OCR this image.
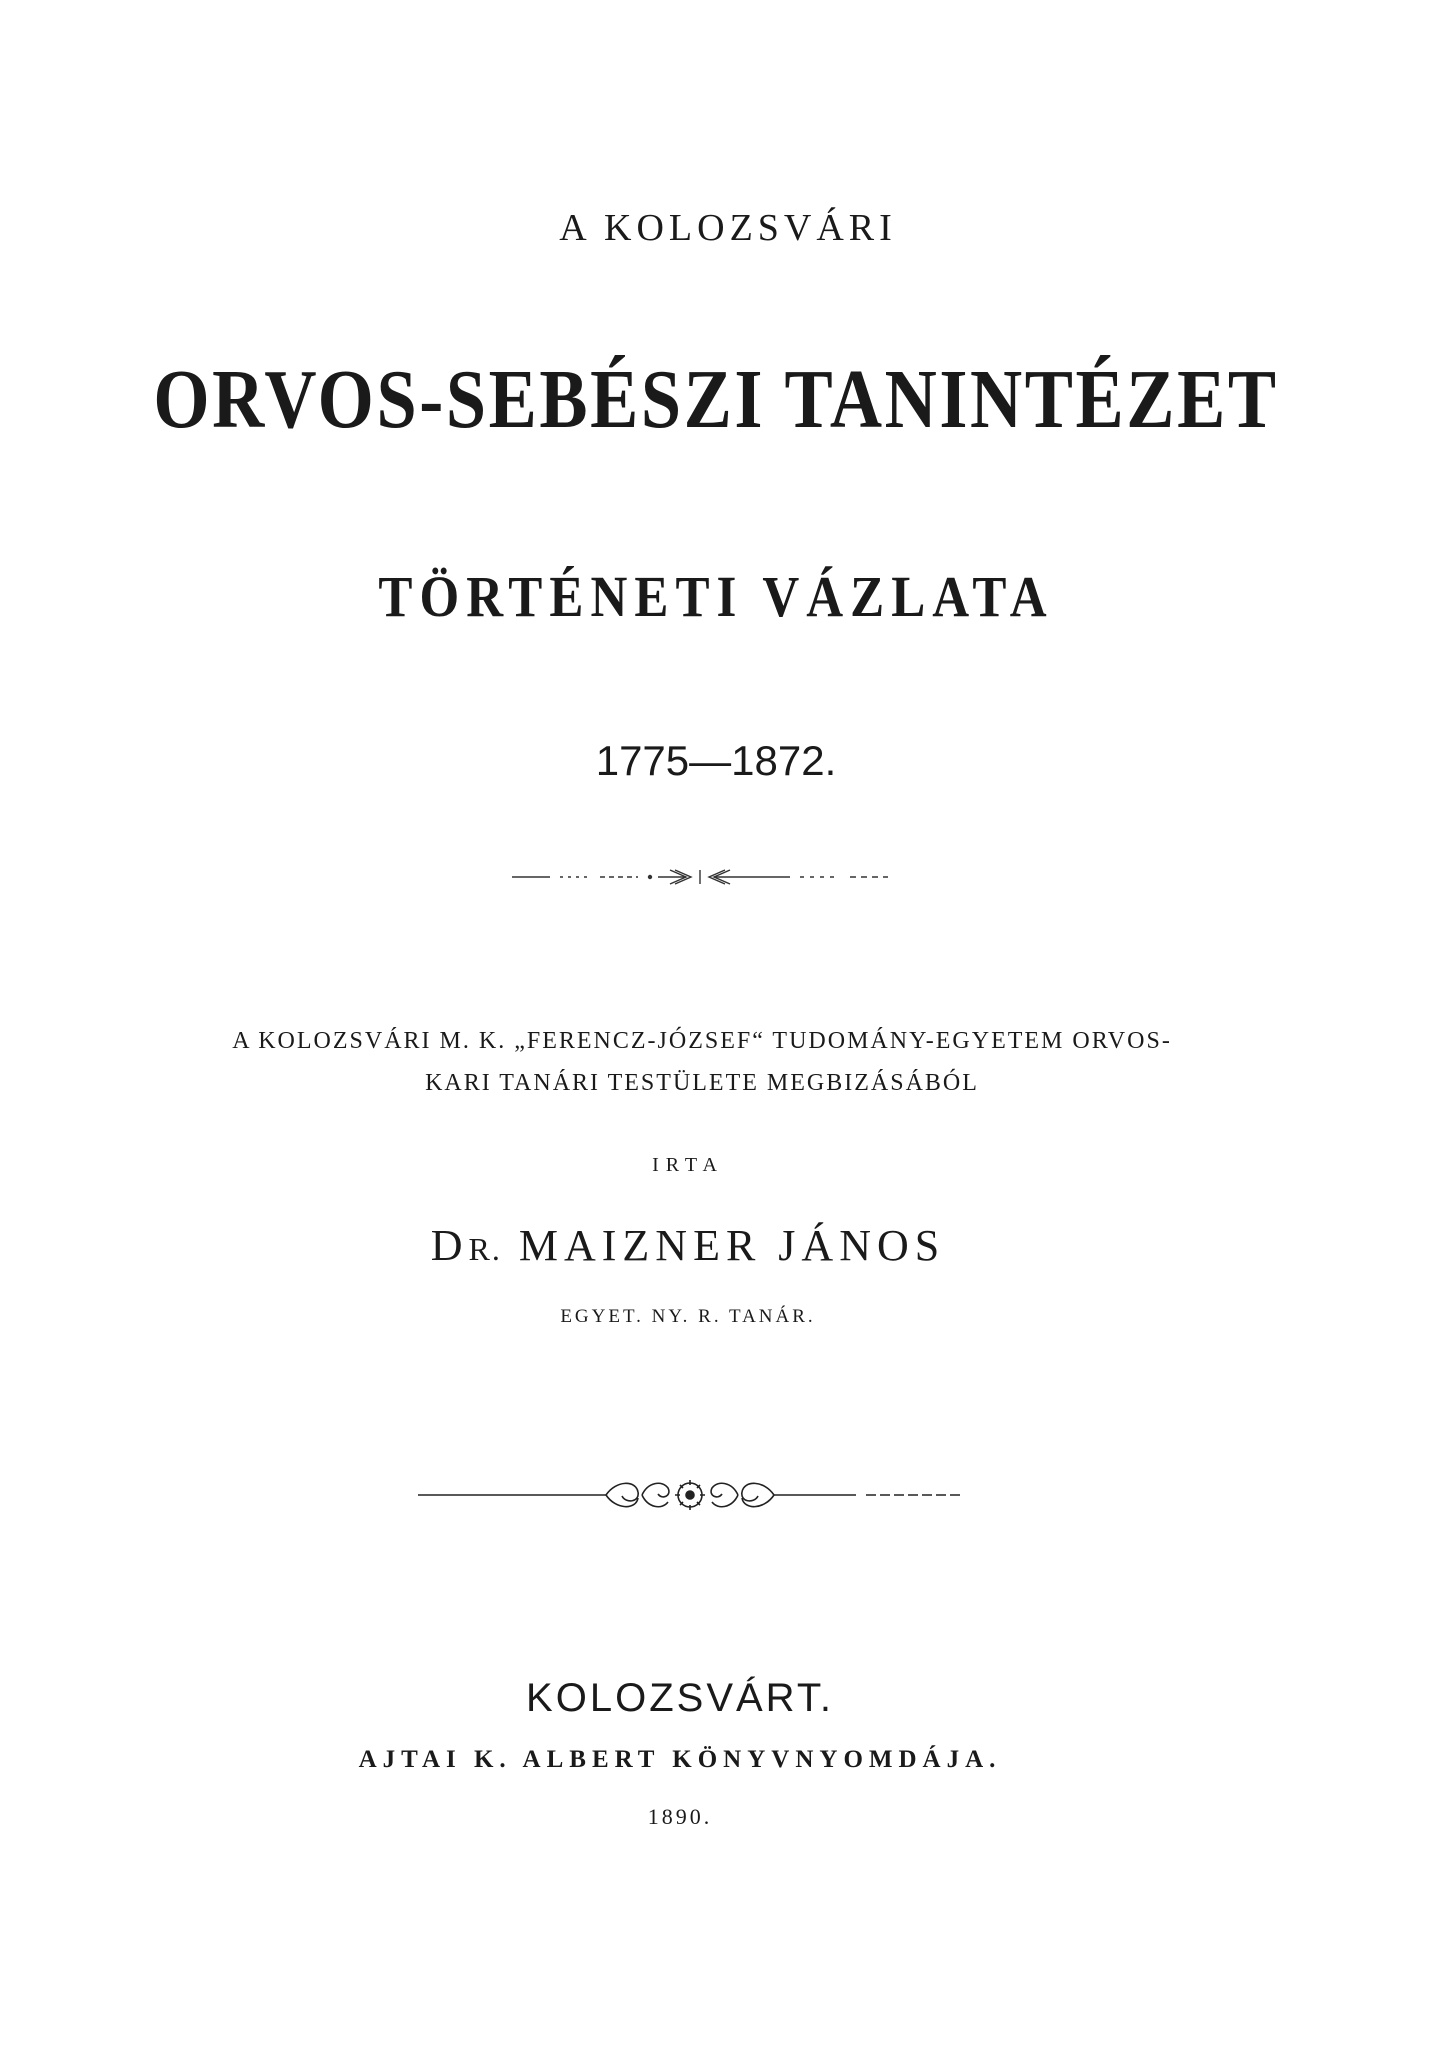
A KOLOZSVÁRI

ORVOS-SEBÉSZI TANINTÉZET
TÖRTÉNETI VÁZLATA

1775—1872.

A KOLOZSVÁRI M. K. „FERENCZ-JÓZSEF“ TUDOMÁNY-EGYETEM ORVOS-

KARI TANÁRI TESTÜLETE MEGBIZÁSÁBÓL

IRTA

DR. MAIZNER JÁNOS

EGYET. NY. R. TANÁR.

KOLOZSVÁRT.

AJTAI K. ALBERT KÖNYVNYOMDÁJA.

1890.
